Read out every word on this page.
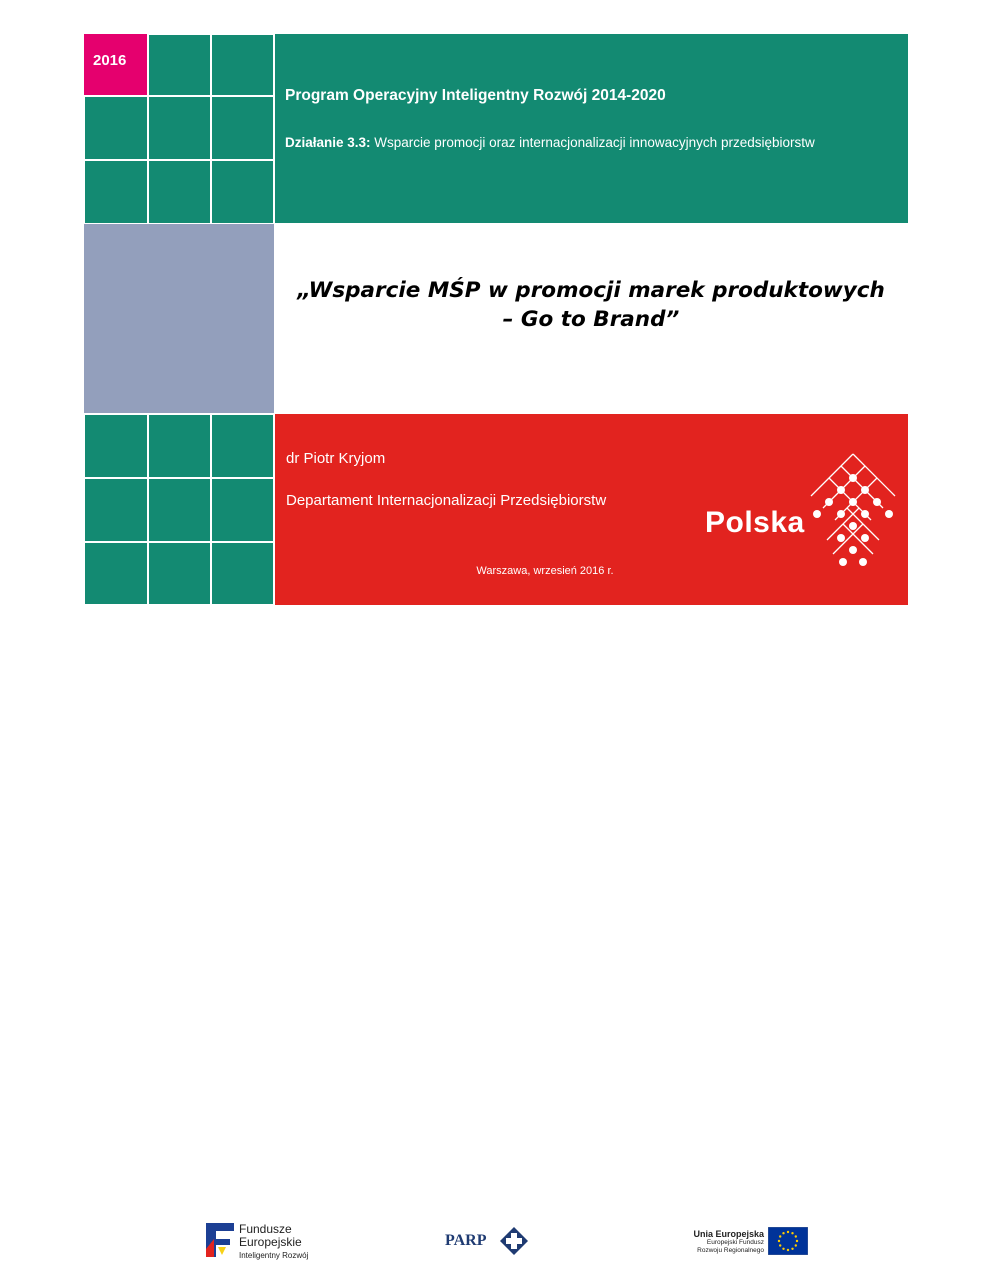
2016
Program Operacyjny Inteligentny Rozwój 2014-2020
Działanie 3.3: Wsparcie promocji oraz internacjonalizacji innowacyjnych przedsiębiorstw
„Wsparcie MŚP w promocji marek produktowych
– Go to Brand”
dr Piotr Kryjom
Departament Internacjonalizacji Przedsiębiorstw
Warszawa, wrzesień 2016 r.
Polska
Fundusze
Europejskie
Inteligentny Rozwój
PARP	Unia Europejska
Europejski Fundusz
Rozwoju Regionalnego
